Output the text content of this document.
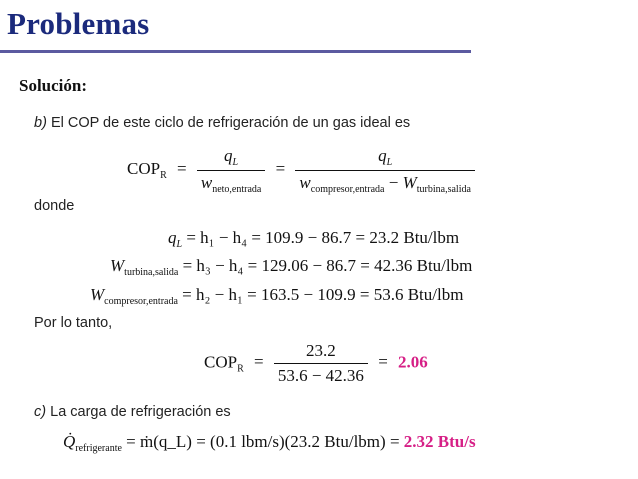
Problemas
Solución:
b) El COP de este ciclo de refrigeración de un gas ideal es
$COP_R = \frac{q_L}{w_{neto,entrada}} = \frac{q_L}{w_{compresor,entrada} - W_{turbina,salida}}$
donde
$q_L = h_1 - h_4 = 109.9 - 86.7 = 23.2$ Btu/lbm
$W_{turbina,salida} = h_3 - h_4 = 129.06 - 86.7 = 42.36$ Btu/lbm
$W_{compresor,entrada} = h_2 - h_1 = 163.5 - 109.9 = 53.6$ Btu/lbm
Por lo tanto,
$COP_R = \frac{23.2}{53.6 - 42.36} = 2.06$
c) La carga de refrigeración es
$Q̇_{refrigerante}$ = ṁ(q_L) = (0.1 lbm/s)(23.2 Btu/lbm) = 2.32 Btu/s
